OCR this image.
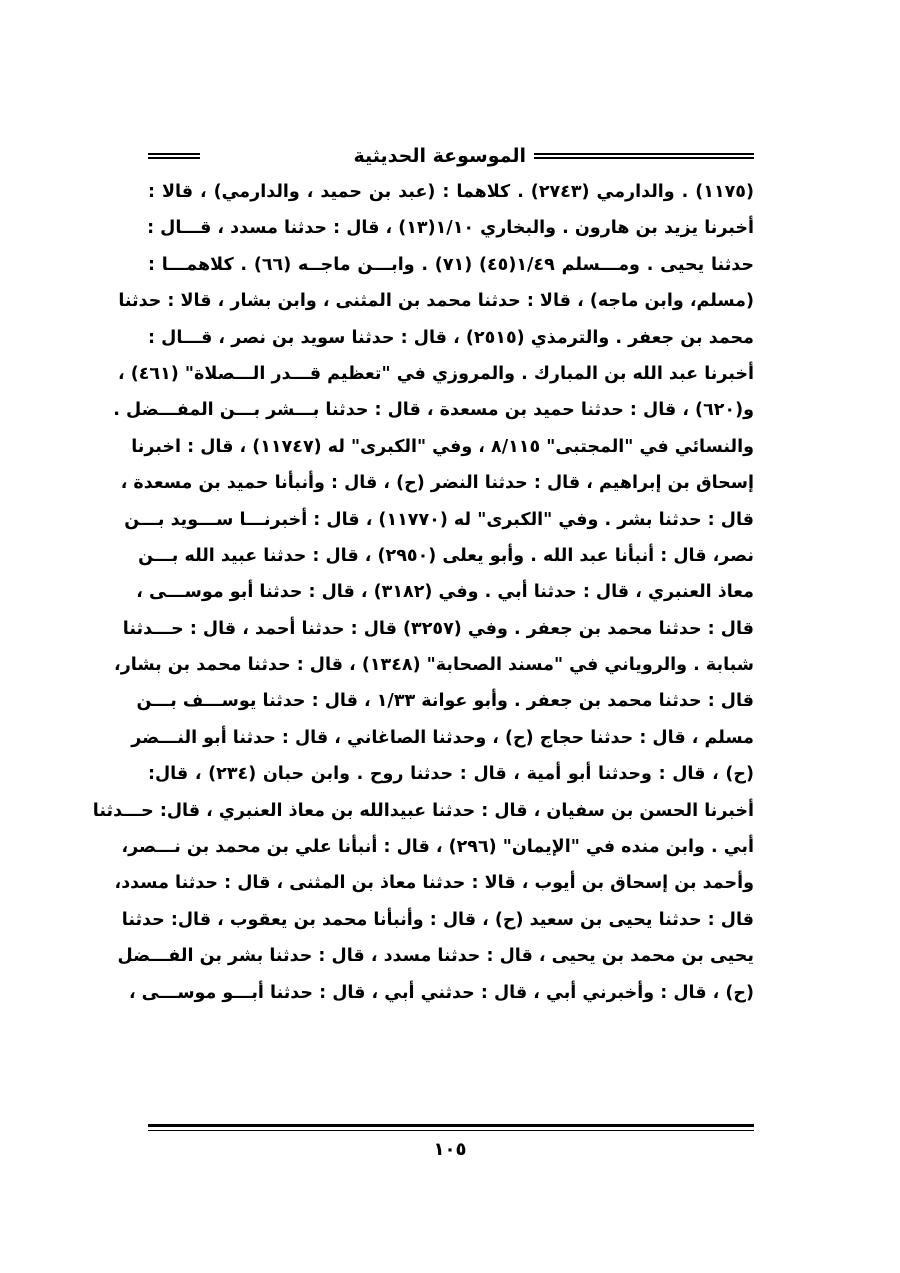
الموسوعة الحديثية
(١١٧٥) . والدارمي (٢٧٤٣) . كلاهما : (عبد بن حميد ، والدارمي) ، قالا :
أخبرنا يزيد بن هارون . والبخاري ١/١٠(١٣) ، قال : حدثنا مسدد ، قـــال :
حدثنا يحيى . ومـــسلم ١/٤٩(٤٥) (٧١) . وابـــن ماجــه (٦٦) . كلاهمـــا :
(مسلم، وابن ماجه) ، قالا : حدثنا محمد بن المثنى ، وابن بشار ، قالا : حدثنا
محمد بن جعفر . والترمذي (٢٥١٥) ، قال : حدثنا سويد بن نصر ، قـــال :
أخبرنا عبد الله بن المبارك . والمروزي في "تعظيم قـــدر الـــصلاة" (٤٦١) ،
و(٦٢٠) ، قال : حدثنا حميد بن مسعدة ، قال : حدثنا بـــشر بـــن المفـــضل .
والنسائي في "المجتبى" ٨/١١٥ ، وفي "الكبرى" له (١١٧٤٧) ، قال : اخبرنا
إسحاق بن إبراهيم ، قال : حدثنا النضر (ح) ، قال : وأنبأنا حميد بن مسعدة ،
قال : حدثنا بشر . وفي "الكبرى" له (١١٧٧٠) ، قال : أخبرنـــا ســـويد بـــن
نصر، قال : أنبأنا عبد الله . وأبو يعلى (٢٩٥٠) ، قال : حدثنا عبيد الله بـــن
معاذ العنبري ، قال : حدثنا أبي . وفي (٣١٨٢) ، قال : حدثنا أبو موســـى ،
قال : حدثنا محمد بن جعفر . وفي (٣٢٥٧) قال : حدثنا أحمد ، قال : حـــدثنا
شبابة . والروياني في "مسند الصحابة" (١٣٤٨) ، قال : حدثنا محمد بن بشار،
قال : حدثنا محمد بن جعفر . وأبو عوانة ١/٣٣ ، قال : حدثنا يوســـف بـــن
مسلم ، قال : حدثنا حجاج (ح) ، وحدثنا الصاغاني ، قال : حدثنا أبو النـــضر
(ح) ، قال : وحدثنا أبو أمية ، قال : حدثنا روح . وابن حبان (٢٣٤) ، قال:
أخبرنا الحسن بن سفيان ، قال : حدثنا عبيدالله بن معاذ العنبري ، قال: حـــدثنا
أبي . وابن منده في "الإيمان" (٢٩٦) ، قال : أنبأنا علي بن محمد بن نـــصر،
وأحمد بن إسحاق بن أيوب ، قالا : حدثنا معاذ بن المثنى ، قال : حدثنا مسدد،
قال : حدثنا يحيى بن سعيد (ح) ، قال : وأنبأنا محمد بن يعقوب ، قال: حدثنا
يحيى بن محمد بن يحيى ، قال : حدثنا مسدد ، قال : حدثنا بشر بن الفـــضل
(ح) ، قال : وأخبرني أبي ، قال : حدثني أبي ، قال : حدثنا أبـــو موســـى ،
١٠٥
